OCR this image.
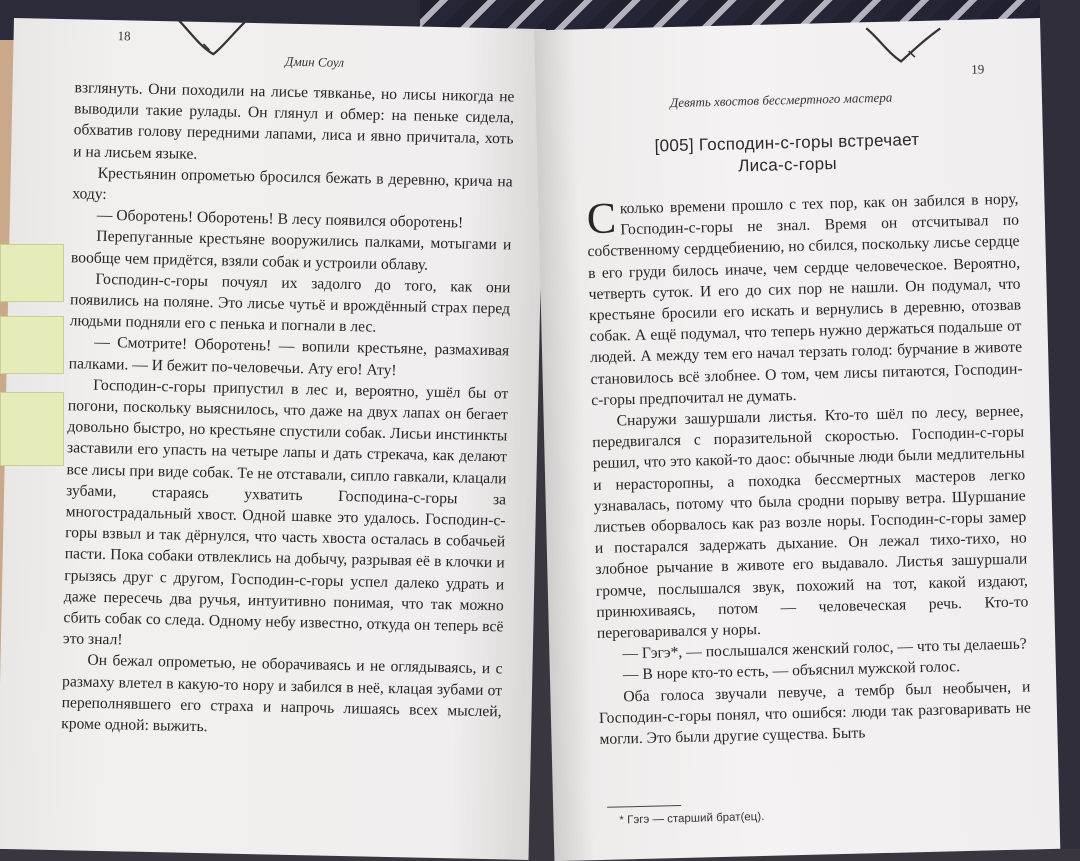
18
Дмин Соул

взглянуть. Они походили на лисье тявканье, но лисы никогда не выводили такие рулады. Он глянул и обмер: на пеньке сидела, обхватив голову передними лапами, лиса и явно причитала, хоть и на лисьем языке.

Крестьянин опрометью бросился бежать в деревню, крича на ходу:

— Оборотень! Оборотень! В лесу появился оборотень!

Перепуганные крестьяне вооружились палками, мотыгами и вообще чем придётся, взяли собак и устроили облаву.

Господин-с-горы почуял их задолго до того, как они появились на поляне. Это лисье чутьё и врождённый страх перед людьми подняли его с пенька и погнали в лес.

— Смотрите! Оборотень! — вопили крестьяне, размахивая палками. — И бежит по-человечьи. Ату его! Ату!

Господин-с-горы припустил в лес и, вероятно, ушёл бы от погони, поскольку выяснилось, что даже на двух лапах он бегает довольно быстро, но крестьяне спустили собак. Лисьи инстинкты заставили его упасть на четыре лапы и дать стрекача, как делают все лисы при виде собак. Те не отставали, сипло гавкали, клацали зубами, стараясь ухватить Господина-с-горы за многострадальный хвост. Одной шавке это удалось. Господин-с-горы взвыл и так дёрнулся, что часть хвоста осталась в собачьей пасти. Пока собаки отвлеклись на добычу, разрывая её в клочки и грызясь друг с другом, Господин-с-горы успел далеко удрать и даже пересечь два ручья, интуитивно понимая, что так можно сбить собак со следа. Одному небу известно, откуда он теперь всё это знал!

Он бежал опрометью, не оборачиваясь и не оглядываясь, и с размаху влетел в какую-то нору и забился в неё, клацая зубами от переполнявшего его страха и напрочь лишаясь всех мыслей, кроме одной: выжить.

19
Девять хвостов бессмертного мастера
[005] Господин-с-горы встречает
Лиса-с-горы

Сколько времени прошло с тех пор, как он забился в нору, Господин-с-горы не знал. Время он отсчитывал по собственному сердцебиению, но сбился, поскольку лисье сердце в его груди билось иначе, чем сердце человеческое. Вероятно, четверть суток. И его до сих пор не нашли. Он подумал, что крестьяне бросили его искать и вернулись в деревню, отозвав собак. А ещё подумал, что теперь нужно держаться подальше от людей. А между тем его начал терзать голод: бурчание в животе становилось всё злобнее. О том, чем лисы питаются, Господин-с-горы предпочитал не думать.

Снаружи зашуршали листья. Кто-то шёл по лесу, вернее, передвигался с поразительной скоростью. Господин-с-горы решил, что это какой-то даос: обычные люди были медлительны и нерасторопны, а походка бессмертных мастеров легко узнавалась, потому что была сродни порыву ветра. Шуршание листьев оборвалось как раз возле норы. Господин-с-горы замер и постарался задержать дыхание. Он лежал тихо-тихо, но злобное рычание в животе его выдавало. Листья зашуршали громче, послышался звук, похожий на тот, какой издают, принюхиваясь, потом — человеческая речь. Кто-то переговаривался у норы.

— Гэгэ*, — послышался женский голос, — что ты делаешь?

— В норе кто-то есть, — объяснил мужской голос.

Оба голоса звучали певуче, а тембр был необычен, и Господин-с-горы понял, что ошибся: люди так разговаривать не могли. Это были другие существа. Быть

* Гэгэ — старший брат(ец).
